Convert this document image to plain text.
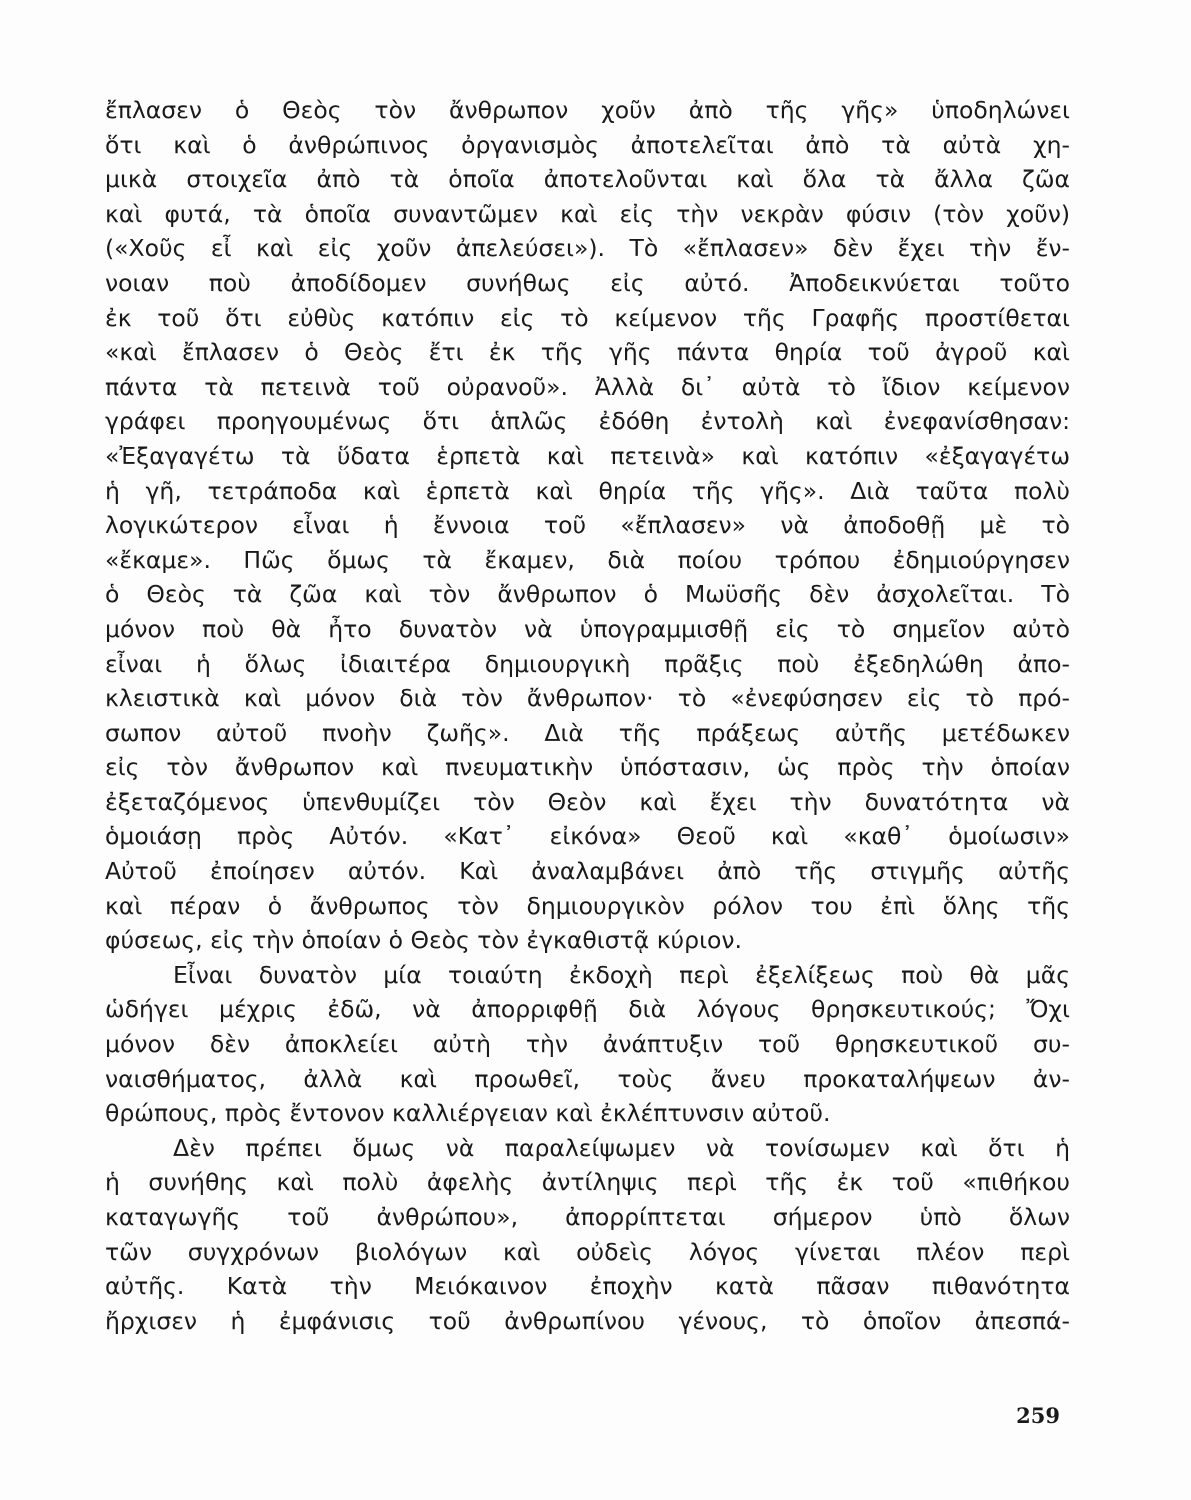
ἔπλασεν ὁ Θεὸς τὸν ἄνθρωπον χοῦν ἀπὸ τῆς γῆς» ὑποδηλώνει
ὅτι καὶ ὁ ἀνθρώπινος ὀργανισμὸς ἀποτελεῖται ἀπὸ τὰ αὐτὰ χη-
μικὰ στοιχεῖα ἀπὸ τὰ ὁποῖα ἀποτελοῦνται καὶ ὅλα τὰ ἄλλα ζῶα
καὶ φυτά, τὰ ὁποῖα συναντῶμεν καὶ εἰς τὴν νεκρὰν φύσιν (τὸν χοῦν)
(«Χοῦς εἶ καὶ εἰς χοῦν ἀπελεύσει»). Τὸ «ἔπλασεν» δὲν ἔχει τὴν ἔν-
νοιαν ποὺ ἀποδίδομεν συνήθως εἰς αὐτό. Ἀποδεικνύεται τοῦτο
ἐκ τοῦ ὅτι εὐθὺς κατόπιν εἰς τὸ κείμενον τῆς Γραφῆς προστίθεται
«καὶ ἔπλασεν ὁ Θεὸς ἔτι ἐκ τῆς γῆς πάντα θηρία τοῦ ἀγροῦ καὶ
πάντα τὰ πετεινὰ τοῦ οὐρανοῦ». Ἀλλὰ δι᾿ αὐτὰ τὸ ἴδιον κείμενον
γράφει προηγουμένως ὅτι ἁπλῶς ἐδόθη ἐντολὴ καὶ ἐνεφανίσθησαν:
«Ἐξαγαγέτω τὰ ὕδατα ἑρπετὰ καὶ πετεινὰ» καὶ κατόπιν «ἐξαγαγέτω
ἡ γῆ, τετράποδα καὶ ἑρπετὰ καὶ θηρία τῆς γῆς». Διὰ ταῦτα πολὺ
λογικώτερον εἶναι ἡ ἔννοια τοῦ «ἔπλασεν» νὰ ἀποδοθῇ μὲ τὸ
«ἔκαμε». Πῶς ὅμως τὰ ἔκαμεν, διὰ ποίου τρόπου ἐδημιούργησεν
ὁ Θεὸς τὰ ζῶα καὶ τὸν ἄνθρωπον ὁ Μωϋσῆς δὲν ἀσχολεῖται. Τὸ
μόνον ποὺ θὰ ἦτο δυνατὸν νὰ ὑπογραμμισθῇ εἰς τὸ σημεῖον αὐτὸ
εἶναι ἡ ὅλως ἰδιαιτέρα δημιουργικὴ πρᾶξις ποὺ ἐξεδηλώθη ἀπο-
κλειστικὰ καὶ μόνον διὰ τὸν ἄνθρωπον· τὸ «ἐνεφύσησεν εἰς τὸ πρό-
σωπον αὐτοῦ πνοὴν ζωῆς». Διὰ τῆς πράξεως αὐτῆς μετέδωκεν
εἰς τὸν ἄνθρωπον καὶ πνευματικὴν ὑπόστασιν, ὡς πρὸς τὴν ὁποίαν
ἐξεταζόμενος ὑπενθυμίζει τὸν Θεὸν καὶ ἔχει τὴν δυνατότητα νὰ
ὁμοιάσῃ πρὸς Αὐτόν. «Κατ᾿ εἰκόνα» Θεοῦ καὶ «καθ᾿ ὁμοίωσιν»
Αὐτοῦ ἐποίησεν αὐτόν. Καὶ ἀναλαμβάνει ἀπὸ τῆς στιγμῆς αὐτῆς
καὶ πέραν ὁ ἄνθρωπος τὸν δημιουργικὸν ρόλον του ἐπὶ ὅλης τῆς
φύσεως, εἰς τὴν ὁποίαν ὁ Θεὸς τὸν ἐγκαθιστᾷ κύριον.
Εἶναι δυνατὸν μία τοιαύτη ἐκδοχὴ περὶ ἐξελίξεως ποὺ θὰ μᾶς
ὡδήγει μέχρις ἐδῶ, νὰ ἀπορριφθῇ διὰ λόγους θρησκευτικούς; Ὄχι
μόνον δὲν ἀποκλείει αὐτὴ τὴν ἀνάπτυξιν τοῦ θρησκευτικοῦ συ-
ναισθήματος, ἀλλὰ καὶ προωθεῖ, τοὺς ἄνευ προκαταλήψεων ἀν-
θρώπους, πρὸς ἔντονον καλλιέργειαν καὶ ἐκλέπτυνσιν αὐτοῦ.
Δὲν πρέπει ὅμως νὰ παραλείψωμεν νὰ τονίσωμεν καὶ ὅτι ἡ
ἡ συνήθης καὶ πολὺ ἀφελὴς ἀντίληψις περὶ τῆς ἐκ τοῦ «πιθήκου
καταγωγῆς τοῦ ἀνθρώπου», ἀπορρίπτεται σήμερον ὑπὸ ὅλων
τῶν συγχρόνων βιολόγων καὶ οὐδεὶς λόγος γίνεται πλέον περὶ
αὐτῆς. Κατὰ τὴν Μειόκαινον ἐποχὴν κατὰ πᾶσαν πιθανότητα
ἤρχισεν ἡ ἐμφάνισις τοῦ ἀνθρωπίνου γένους, τὸ ὁποῖον ἀπεσπά-
259
